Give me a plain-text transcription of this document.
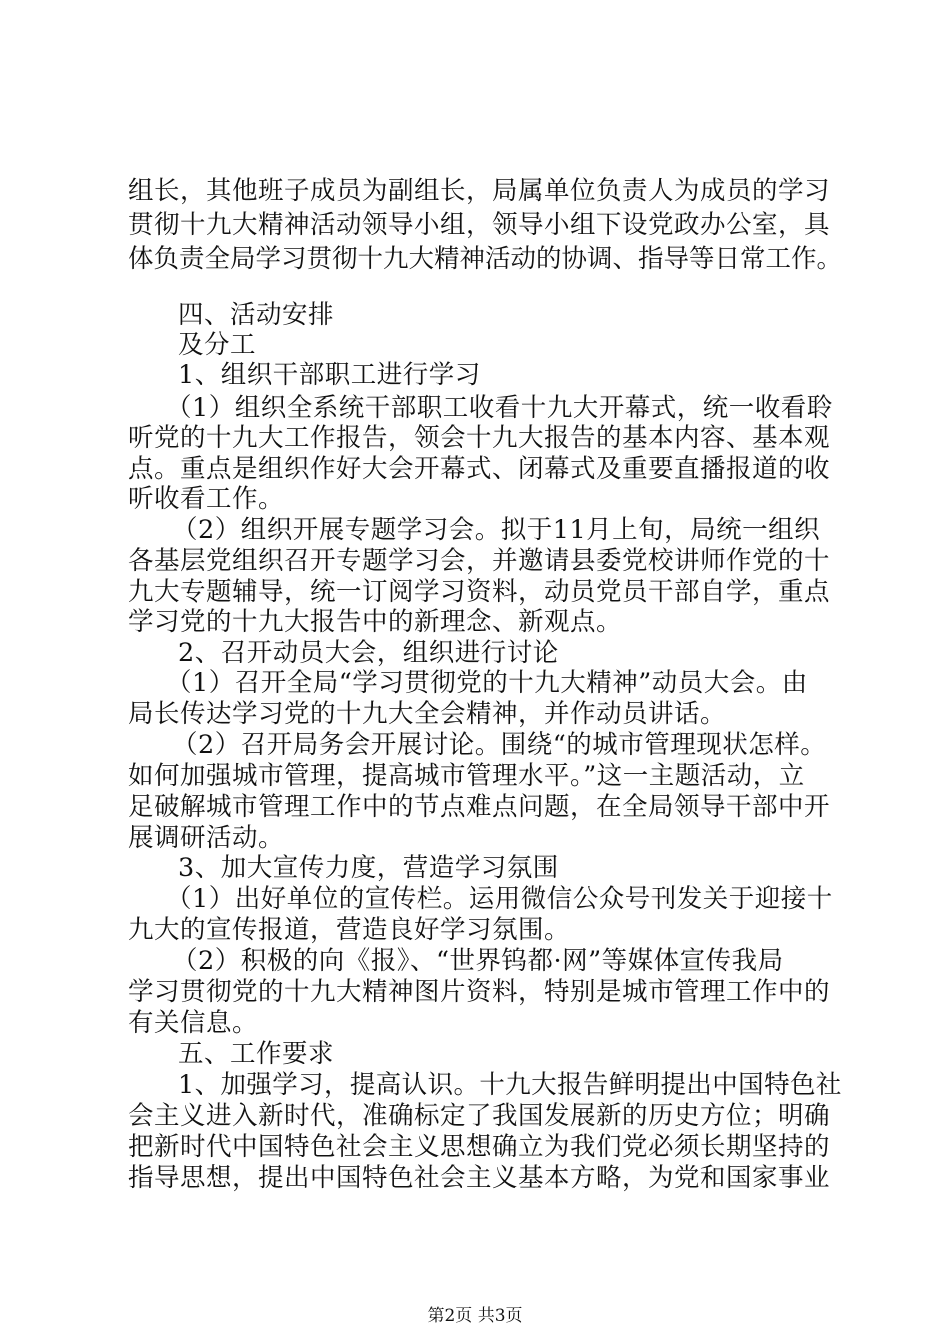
组长，其他班子成员为副组长，局属单位负责人为成员的学习
贯彻十九大精神活动领导小组，领导小组下设党政办公室，具
体负责全局学习贯彻十九大精神活动的协调、指导等日常工作。
四、活动安排
及分工
1、组织干部职工进行学习
（1）组织全系统干部职工收看十九大开幕式，统一收看聆
听党的十九大工作报告，领会十九大报告的基本内容、基本观
点。重点是组织作好大会开幕式、闭幕式及重要直播报道的收
听收看工作。
（2）组织开展专题学习会。拟于11月上旬，局统一组织
各基层党组织召开专题学习会，并邀请县委党校讲师作党的十
九大专题辅导，统一订阅学习资料，动员党员干部自学，重点
学习党的十九大报告中的新理念、新观点。
2、召开动员大会，组织进行讨论
（1）召开全局“学习贯彻党的十九大精神”动员大会。由
局长传达学习党的十九大全会精神，并作动员讲话。
（2）召开局务会开展讨论。围绕“的城市管理现状怎样。
如何加强城市管理，提高城市管理水平。”这一主题活动，立
足破解城市管理工作中的节点难点问题，在全局领导干部中开
展调研活动。
3、加大宣传力度，营造学习氛围
（1）出好单位的宣传栏。运用微信公众号刊发关于迎接十
九大的宣传报道，营造良好学习氛围。
（2）积极的向《报》、“世界钨都·网”等媒体宣传我局
学习贯彻党的十九大精神图片资料，特别是城市管理工作中的
有关信息。
五、工作要求
1、加强学习，提高认识。十九大报告鲜明提出中国特色社
会主义进入新时代，准确标定了我国发展新的历史方位；明确
把新时代中国特色社会主义思想确立为我们党必须长期坚持的
指导思想，提出中国特色社会主义基本方略，为党和国家事业
第2页 共3页
